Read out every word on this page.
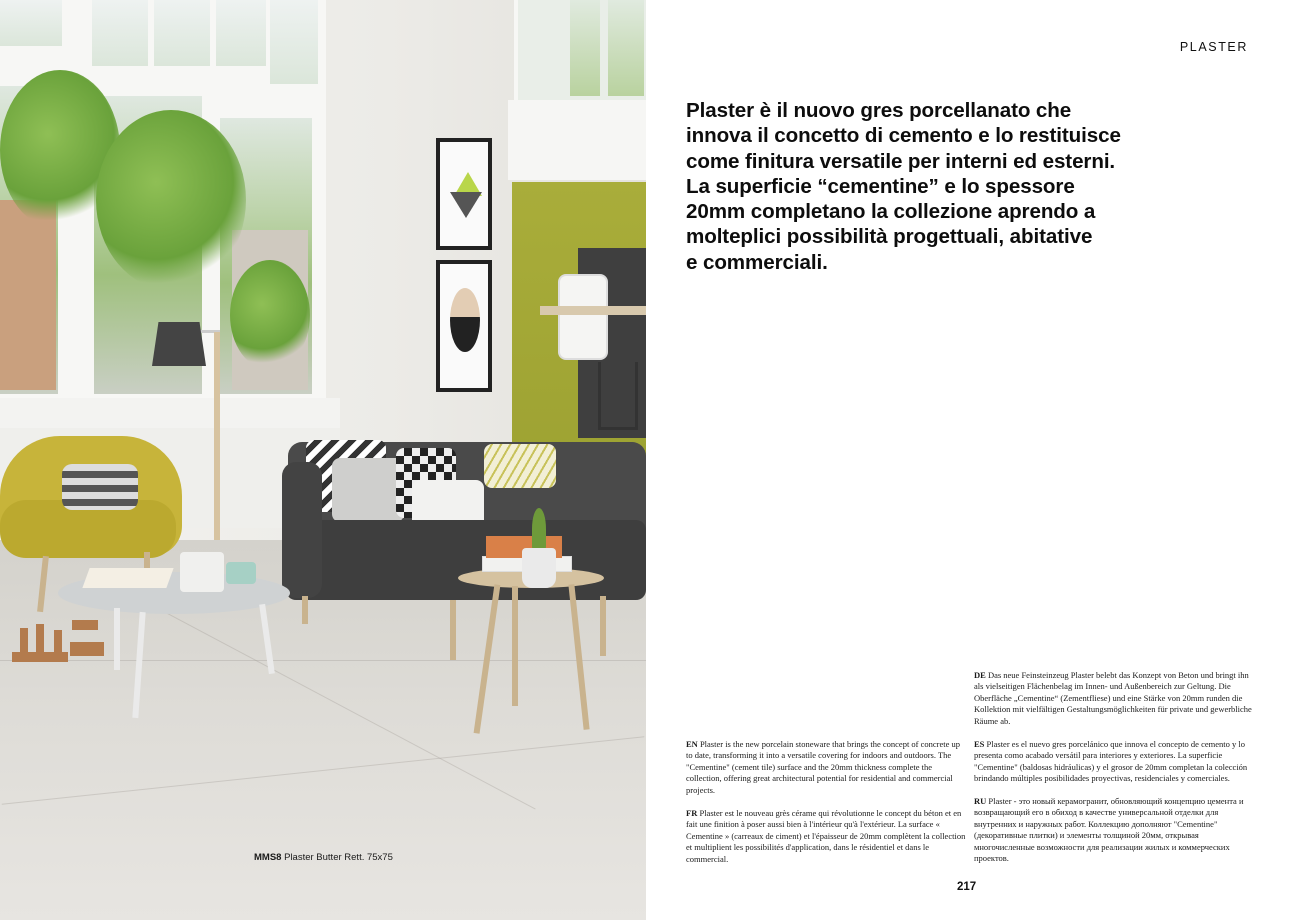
MMS8 Plaster Butter Rett. 75x75
PLASTER
Plaster è il nuovo gres porcellanato che
innova il concetto di cemento e lo restituisce
come finitura versatile per interni ed esterni.
La superficie “cementine” e lo spessore
20mm completano la collezione aprendo a
molteplici possibilità progettuali, abitative
e commerciali.
DE Das neue Feinsteinzeug Plaster belebt das Konzept von Beton und bringt ihn als vielseitigen Flächenbelag im Innen- und Außenbereich zur Geltung. Die Oberfläche „Cementine“ (Zementfliese) und eine Stärke von 20mm runden die Kollektion mit vielfältigen Gestaltungsmöglichkeiten für private und gewerbliche Räume ab.
EN Plaster is the new porcelain stoneware that brings the concept of concrete up to date, transforming it into a versatile covering for indoors and outdoors. The "Cementine" (cement tile) surface and the 20mm thickness complete the collection, offering great architectural potential for residential and commercial projects.
ES Plaster es el nuevo gres porcelánico que innova el concepto de cemento y lo presenta como acabado versátil para interiores y exteriores. La superficie "Cementine" (baldosas hidráulicas) y el grosor de 20mm completan la colección brindando múltiples posibilidades proyectivas, residenciales y comerciales.
FR Plaster est le nouveau grès cérame qui révolutionne le concept du béton et en fait une finition à poser aussi bien à l'intérieur qu'à l'extérieur. La surface « Cementine » (carreaux de ciment) et l'épaisseur de 20mm complètent la collection et multiplient les possibilités d'application, dans le résidentiel et dans le commercial.
RU Plaster - это новый керамогранит, обновляющий концепцию цемента и возвращающий его в обиход в качестве универсальной отделки для внутренних и наружных работ. Коллекцию дополняют "Cementine" (декоративные плитки) и элементы толщиной 20мм, открывая многочисленные возможности для реализации жилых и коммерческих проектов.
217
